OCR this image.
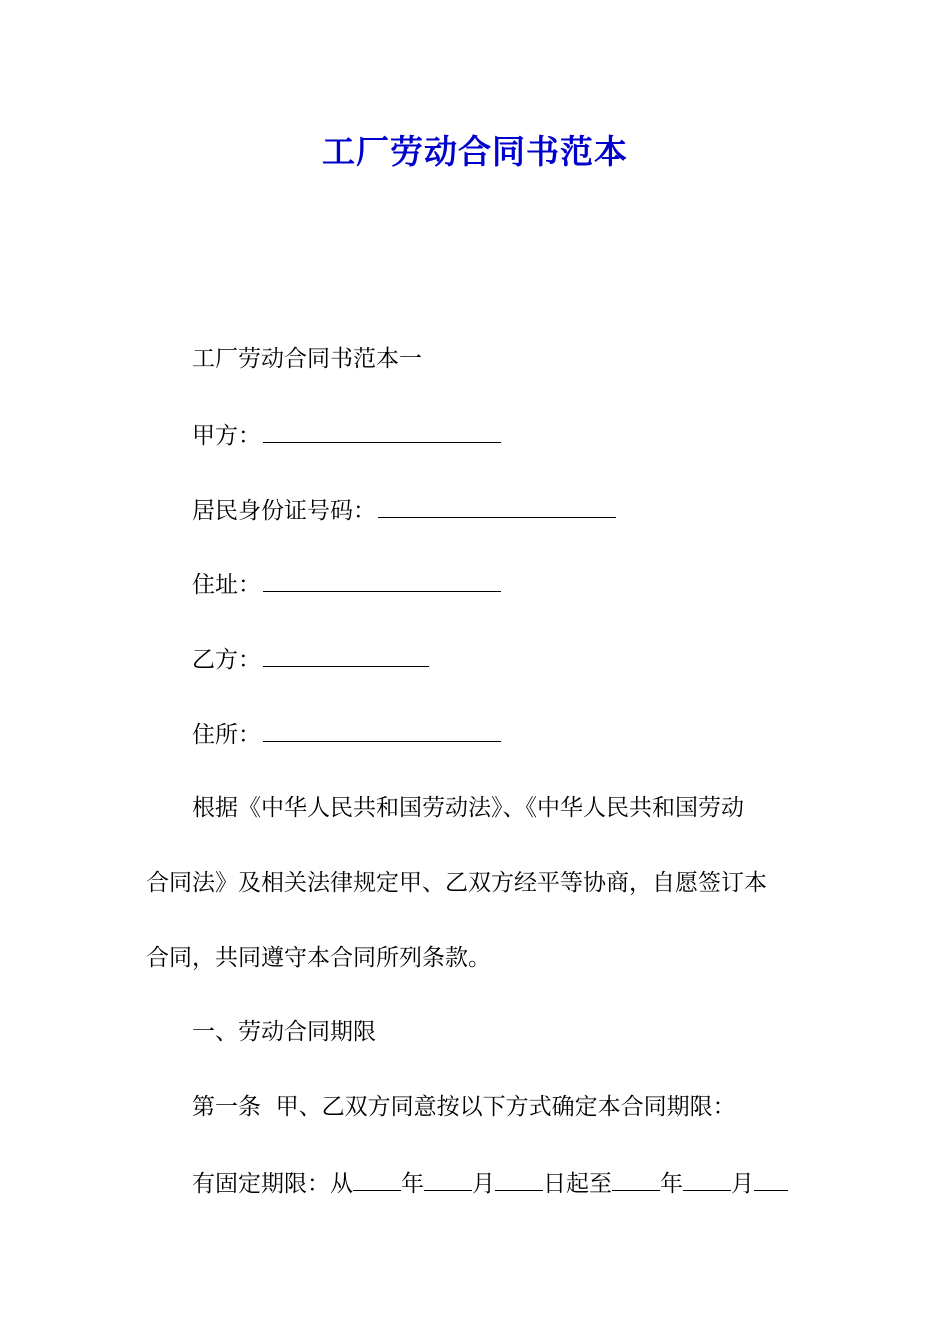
工厂劳动合同书范本
工厂劳动合同书范本一
甲方：
居民身份证号码：
住址：
乙方：
住所：
根据《中华人民共和国劳动法》、《中华人民共和国劳动
合同法》及相关法律规定甲、乙双方经平等协商，自愿签订本
合同，共同遵守本合同所列条款。
一、劳动合同期限
第一条  甲、乙双方同意按以下方式确定本合同期限：
有固定期限：从 年 月 日起至 年 月
